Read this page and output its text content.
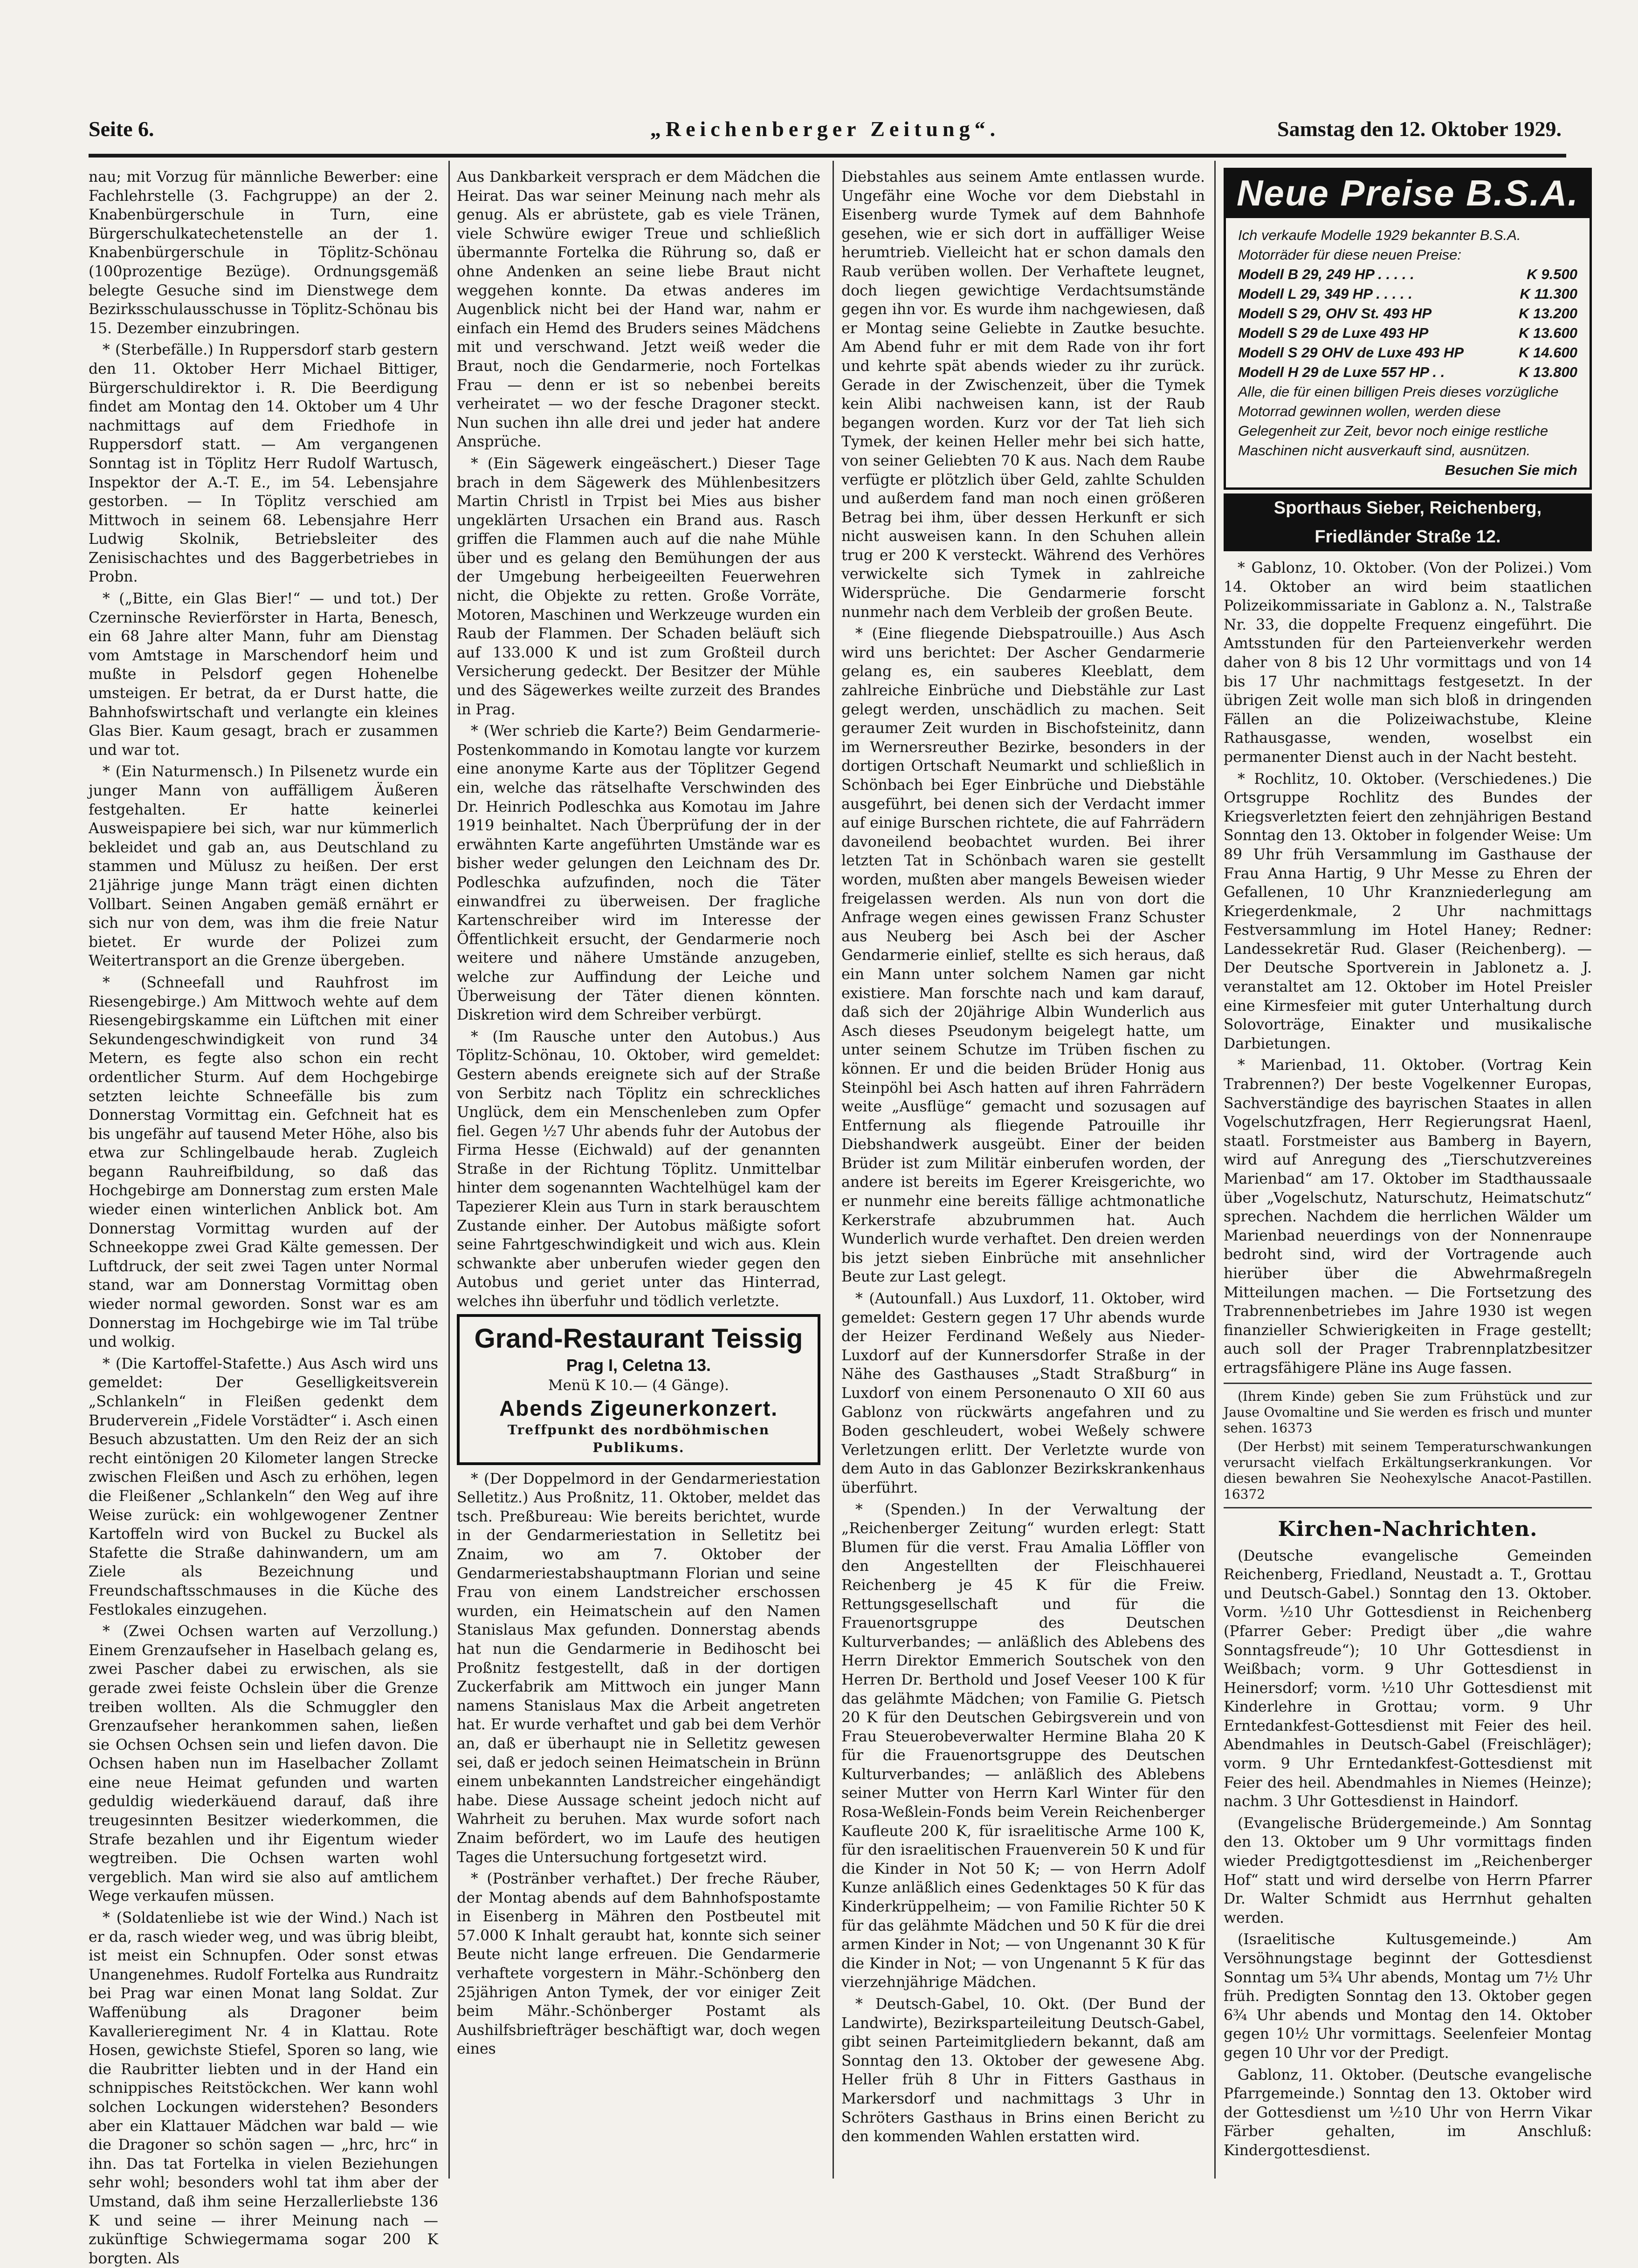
Seite 6.	„Reichenberger Zeitung“.	Samstag den 12. Oktober 1929.

nau; mit Vorzug für männliche Bewerber: eine Fachlehrstelle (3. Fachgruppe) an der 2. Knabenbürgerschule in Turn, eine Bürgerschulkatechetenstelle an der 1. Knabenbürgerschule in Töplitz-Schönau (100prozentige Bezüge). Ordnungsgemäß belegte Gesuche sind im Dienstwege dem Bezirksschulausschusse in Töplitz-Schönau bis 15. Dezember einzubringen.

* (Sterbefälle.) In Ruppersdorf starb gestern den 11. Oktober Herr Michael Bittiger, Bürgerschuldirektor i. R. Die Beerdigung findet am Montag den 14. Oktober um 4 Uhr nachmittags auf dem Friedhofe in Ruppersdorf statt. — Am vergangenen Sonntag ist in Töplitz Herr Rudolf Wartusch, Inspektor der A.-T. E., im 54. Lebensjahre gestorben. — In Töplitz verschied am Mittwoch in seinem 68. Lebensjahre Herr Ludwig Skolnik, Betriebsleiter des Zenisischachtes und des Baggerbetriebes in Probn.

* („Bitte, ein Glas Bier!“ — und tot.) Der Czerninsche Revierförster in Harta, Benesch, ein 68 Jahre alter Mann, fuhr am Dienstag vom Amtstage in Marschendorf heim und mußte in Pelsdorf gegen Hohenelbe umsteigen. Er betrat, da er Durst hatte, die Bahnhofswirtschaft und verlangte ein kleines Glas Bier. Kaum gesagt, brach er zusammen und war tot.

* (Ein Naturmensch.) In Pilsenetz wurde ein junger Mann von auffälligem Äußeren festgehalten. Er hatte keinerlei Ausweispapiere bei sich, war nur kümmerlich bekleidet und gab an, aus Deutschland zu stammen und Mülusz zu heißen. Der erst 21jährige junge Mann trägt einen dichten Vollbart. Seinen Angaben gemäß ernährt er sich nur von dem, was ihm die freie Natur bietet. Er wurde der Polizei zum Weitertransport an die Grenze übergeben.

* (Schneefall und Rauhfrost im Riesengebirge.) Am Mittwoch wehte auf dem Riesengebirgskamme ein Lüftchen mit einer Sekundengeschwindigkeit von rund 34 Metern, es fegte also schon ein recht ordentlicher Sturm. Auf dem Hochgebirge setzten leichte Schneefälle bis zum Donnerstag Vormittag ein. Gefchneit hat es bis ungefähr auf tausend Meter Höhe, also bis etwa zur Schlingelbaude herab. Zugleich begann Rauhreifbildung, so daß das Hochgebirge am Donnerstag zum ersten Male wieder einen winterlichen Anblick bot. Am Donnerstag Vormittag wurden auf der Schneekoppe zwei Grad Kälte gemessen. Der Luftdruck, der seit zwei Tagen unter Normal stand, war am Donnerstag Vormittag oben wieder normal geworden. Sonst war es am Donnerstag im Hochgebirge wie im Tal trübe und wolkig.

* (Die Kartoffel-Stafette.) Aus Asch wird uns gemeldet: Der Geselligkeitsverein „Schlankeln“ in Fleißen gedenkt dem Bruderverein „Fidele Vorstädter“ i. Asch einen Besuch abzustatten. Um den Reiz der an sich recht eintönigen 20 Kilometer langen Strecke zwischen Fleißen und Asch zu erhöhen, legen die Fleißener „Schlankeln“ den Weg auf ihre Weise zurück: ein wohlgewogener Zentner Kartoffeln wird von Buckel zu Buckel als Stafette die Straße dahinwandern, um am Ziele als Bezeichnung und Freundschaftsschmauses in die Küche des Festlokales einzugehen.

* (Zwei Ochsen warten auf Verzollung.) Einem Grenzaufseher in Haselbach gelang es, zwei Pascher dabei zu erwischen, als sie gerade zwei feiste Ochslein über die Grenze treiben wollten. Als die Schmuggler den Grenzaufseher herankommen sahen, ließen sie Ochsen Ochsen sein und liefen davon. Die Ochsen haben nun im Haselbacher Zollamt eine neue Heimat gefunden und warten geduldig wiederkäuend darauf, daß ihre treugesinnten Besitzer wiederkommen, die Strafe bezahlen und ihr Eigentum wieder wegtreiben. Die Ochsen warten wohl vergeblich. Man wird sie also auf amtlichem Wege verkaufen müssen.

* (Soldatenliebe ist wie der Wind.) Nach ist er da, rasch wieder weg, und was übrig bleibt, ist meist ein Schnupfen. Oder sonst etwas Unangenehmes. Rudolf Fortelka aus Rundraitz bei Prag war einen Monat lang Soldat. Zur Waffenübung als Dragoner beim Kavallerieregiment Nr. 4 in Klattau. Rote Hosen, gewichste Stiefel, Sporen so lang, wie die Raubritter liebten und in der Hand ein schnippisches Reitstöckchen. Wer kann wohl solchen Lockungen widerstehen? Besonders aber ein Klattauer Mädchen war bald — wie die Dragoner so schön sagen — „hrc, hrc“ in ihn. Das tat Fortelka in vielen Beziehungen sehr wohl; besonders wohl tat ihm aber der Umstand, daß ihm seine Herzallerliebste 136 K und seine — ihrer Meinung nach — zukünftige Schwiegermama sogar 200 K borgten. Als

Aus Dankbarkeit versprach er dem Mädchen die Heirat. Das war seiner Meinung nach mehr als genug. Als er abrüstete, gab es viele Tränen, viele Schwüre ewiger Treue und schließlich übermannte Fortelka die Rührung so, daß er ohne Andenken an seine liebe Braut nicht weggehen konnte. Da etwas anderes im Augenblick nicht bei der Hand war, nahm er einfach ein Hemd des Bruders seines Mädchens mit und verschwand. Jetzt weiß weder die Braut, noch die Gendarmerie, noch Fortelkas Frau — denn er ist so nebenbei bereits verheiratet — wo der fesche Dragoner steckt. Nun suchen ihn alle drei und jeder hat andere Ansprüche.

* (Ein Sägewerk eingeäschert.) Dieser Tage brach in dem Sägewerk des Mühlenbesitzers Martin Christl in Trpist bei Mies aus bisher ungeklärten Ursachen ein Brand aus. Rasch griffen die Flammen auch auf die nahe Mühle über und es gelang den Bemühungen der aus der Umgebung herbeigeeilten Feuerwehren nicht, die Objekte zu retten. Große Vorräte, Motoren, Maschinen und Werkzeuge wurden ein Raub der Flammen. Der Schaden beläuft sich auf 133.000 K und ist zum Großteil durch Versicherung gedeckt. Der Besitzer der Mühle und des Sägewerkes weilte zurzeit des Brandes in Prag.

* (Wer schrieb die Karte?) Beim Gendarmerie-Postenkommando in Komotau langte vor kurzem eine anonyme Karte aus der Töplitzer Gegend ein, welche das rätselhafte Verschwinden des Dr. Heinrich Podleschka aus Komotau im Jahre 1919 beinhaltet. Nach Überprüfung der in der erwähnten Karte angeführten Umstände war es bisher weder gelungen den Leichnam des Dr. Podleschka aufzufinden, noch die Täter einwandfrei zu überweisen. Der fragliche Kartenschreiber wird im Interesse der Öffentlichkeit ersucht, der Gendarmerie noch weitere und nähere Umstände anzugeben, welche zur Auffindung der Leiche und Überweisung der Täter dienen könnten. Diskretion wird dem Schreiber verbürgt.

* (Im Rausche unter den Autobus.) Aus Töplitz-Schönau, 10. Oktober, wird gemeldet: Gestern abends ereignete sich auf der Straße von Serbitz nach Töplitz ein schreckliches Unglück, dem ein Menschenleben zum Opfer fiel. Gegen ½7 Uhr abends fuhr der Autobus der Firma Hesse (Eichwald) auf der genannten Straße in der Richtung Töplitz. Unmittelbar hinter dem sogenannten Wachtelhügel kam der Tapezierer Klein aus Turn in stark berauschtem Zustande einher. Der Autobus mäßigte sofort seine Fahrtgeschwindigkeit und wich aus. Klein schwankte aber unberufen wieder gegen den Autobus und geriet unter das Hinterrad, welches ihn überfuhr und tödlich verletzte.

Grand-Restaurant Teissig
Prag I, Celetna 13.
Menü K 10.— (4 Gänge).
Abends Zigeunerkonzert.
Treffpunkt des nordböhmischen Publikums.

* (Der Doppelmord in der Gendarmeriestation Selletitz.) Aus Proßnitz, 11. Oktober, meldet das tsch. Preßbureau: Wie bereits berichtet, wurde in der Gendarmeriestation in Selletitz bei Znaim, wo am 7. Oktober der Gendarmeriestabshauptmann Florian und seine Frau von einem Landstreicher erschossen wurden, ein Heimatschein auf den Namen Stanislaus Max gefunden. Donnerstag abends hat nun die Gendarmerie in Bedihoscht bei Proßnitz festgestellt, daß in der dortigen Zuckerfabrik am Mittwoch ein junger Mann namens Stanislaus Max die Arbeit angetreten hat. Er wurde verhaftet und gab bei dem Verhör an, daß er überhaupt nie in Selletitz gewesen sei, daß er jedoch seinen Heimatschein in Brünn einem unbekannten Landstreicher eingehändigt habe. Diese Aussage scheint jedoch nicht auf Wahrheit zu beruhen. Max wurde sofort nach Znaim befördert, wo im Laufe des heutigen Tages die Untersuchung fortgesetzt wird.

* (Postränber verhaftet.) Der freche Räuber, der Montag abends auf dem Bahnhofspostamte in Eisenberg in Mähren den Postbeutel mit 57.000 K Inhalt geraubt hat, konnte sich seiner Beute nicht lange erfreuen. Die Gendarmerie verhaftete vorgestern in Mähr.-Schönberg den 25jährigen Anton Tymek, der vor einiger Zeit beim Mähr.-Schönberger Postamt als Aushilfsbriefträger beschäftigt war, doch wegen eines

Diebstahles aus seinem Amte entlassen wurde. Ungefähr eine Woche vor dem Diebstahl in Eisenberg wurde Tymek auf dem Bahnhofe gesehen, wie er sich dort in auffälliger Weise herumtrieb. Vielleicht hat er schon damals den Raub verüben wollen. Der Verhaftete leugnet, doch liegen gewichtige Verdachtsumstände gegen ihn vor. Es wurde ihm nachgewiesen, daß er Montag seine Geliebte in Zautke besuchte. Am Abend fuhr er mit dem Rade von ihr fort und kehrte spät abends wieder zu ihr zurück. Gerade in der Zwischenzeit, über die Tymek kein Alibi nachweisen kann, ist der Raub begangen worden. Kurz vor der Tat lieh sich Tymek, der keinen Heller mehr bei sich hatte, von seiner Geliebten 70 K aus. Nach dem Raube verfügte er plötzlich über Geld, zahlte Schulden und außerdem fand man noch einen größeren Betrag bei ihm, über dessen Herkunft er sich nicht ausweisen kann. In den Schuhen allein trug er 200 K versteckt. Während des Verhöres verwickelte sich Tymek in zahlreiche Widersprüche. Die Gendarmerie forscht nunmehr nach dem Verbleib der großen Beute.

* (Eine fliegende Diebspatrouille.) Aus Asch wird uns berichtet: Der Ascher Gendarmerie gelang es, ein sauberes Kleeblatt, dem zahlreiche Einbrüche und Diebstähle zur Last gelegt werden, unschädlich zu machen. Seit geraumer Zeit wurden in Bischofsteinitz, dann im Wernersreuther Bezirke, besonders in der dortigen Ortschaft Neumarkt und schließlich in Schönbach bei Eger Einbrüche und Diebstähle ausgeführt, bei denen sich der Verdacht immer auf einige Burschen richtete, die auf Fahrrädern davoneilend beobachtet wurden. Bei ihrer letzten Tat in Schönbach waren sie gestellt worden, mußten aber mangels Beweisen wieder freigelassen werden. Als nun von dort die Anfrage wegen eines gewissen Franz Schuster aus Neuberg bei Asch bei der Ascher Gendarmerie einlief, stellte es sich heraus, daß ein Mann unter solchem Namen gar nicht existiere. Man forschte nach und kam darauf, daß sich der 20jährige Albin Wunderlich aus Asch dieses Pseudonym beigelegt hatte, um unter seinem Schutze im Trüben fischen zu können. Er und die beiden Brüder Honig aus Steinpöhl bei Asch hatten auf ihren Fahrrädern weite „Ausflüge“ gemacht und sozusagen auf Entfernung als fliegende Patrouille ihr Diebshandwerk ausgeübt. Einer der beiden Brüder ist zum Militär einberufen worden, der andere ist bereits im Egerer Kreisgerichte, wo er nunmehr eine bereits fällige achtmonatliche Kerkerstrafe abzubrummen hat. Auch Wunderlich wurde verhaftet. Den dreien werden bis jetzt sieben Einbrüche mit ansehnlicher Beute zur Last gelegt.

* (Autounfall.) Aus Luxdorf, 11. Oktober, wird gemeldet: Gestern gegen 17 Uhr abends wurde der Heizer Ferdinand Weßely aus Nieder-Luxdorf auf der Kunnersdorfer Straße in der Nähe des Gasthauses „Stadt Straßburg“ in Luxdorf von einem Personenauto O XII 60 aus Gablonz von rückwärts angefahren und zu Boden geschleudert, wobei Weßely schwere Verletzungen erlitt. Der Verletzte wurde von dem Auto in das Gablonzer Bezirkskrankenhaus überführt.

* (Spenden.) In der Verwaltung der „Reichenberger Zeitung“ wurden erlegt: Statt Blumen für die verst. Frau Amalia Löffler von den Angestellten der Fleischhauerei Reichenberg je 45 K für die Freiw. Rettungsgesellschaft und für die Frauenortsgruppe des Deutschen Kulturverbandes; — anläßlich des Ablebens des Herrn Direktor Emmerich Soutschek von den Herren Dr. Berthold und Josef Veeser 100 K für das gelähmte Mädchen; von Familie G. Pietsch 20 K für den Deutschen Gebirgsverein und von Frau Steuerobeverwalter Hermine Blaha 20 K für die Frauenortsgruppe des Deutschen Kulturverbandes; — anläßlich des Ablebens seiner Mutter von Herrn Karl Winter für den Rosa-Weßlein-Fonds beim Verein Reichenberger Kaufleute 200 K, für israelitische Arme 100 K, für den israelitischen Frauenverein 50 K und für die Kinder in Not 50 K; — von Herrn Adolf Kunze anläßlich eines Gedenktages 50 K für das Kinderkrüppelheim; — von Familie Richter 50 K für das gelähmte Mädchen und 50 K für die drei armen Kinder in Not; — von Ungenannt 30 K für die Kinder in Not; — von Ungenannt 5 K für das vierzehnjährige Mädchen.

* Deutsch-Gabel, 10. Okt. (Der Bund der Landwirte), Bezirksparteileitung Deutsch-Gabel, gibt seinen Parteimitgliedern bekannt, daß am Sonntag den 13. Oktober der gewesene Abg. Heller früh 8 Uhr in Fitters Gasthaus in Markersdorf und nachmittags 3 Uhr in Schröters Gasthaus in Brins einen Bericht zu den kommenden Wahlen erstatten wird.

Neue Preise B.S.A.
Ich verkaufe Modelle 1929 bekannter B.S.A. Motorräder für diese neuen Preise:
Modell B 29, 249 HP . . . . .	K 9.500
Modell L 29, 349 HP . . . . .	K 11.300
Modell S 29, OHV St. 493 HP	K 13.200
Modell S 29 de Luxe 493 HP	K 13.600
Modell S 29 OHV de Luxe 493 HP	K 14.600
Modell H 29 de Luxe 557 HP . .	K 13.800
Alle, die für einen billigen Preis dieses vorzügliche Motorrad gewinnen wollen, werden diese Gelegenheit zur Zeit, bevor noch einige restliche Maschinen nicht ausverkauft sind, ausnützen.
Besuchen Sie mich
Sporthaus Sieber, Reichenberg, Friedländer Straße 12.

* Gablonz, 10. Oktober. (Von der Polizei.) Vom 14. Oktober an wird beim staatlichen Polizeikommissariate in Gablonz a. N., Talstraße Nr. 33, die doppelte Frequenz eingeführt. Die Amtsstunden für den Parteienverkehr werden daher von 8 bis 12 Uhr vormittags und von 14 bis 17 Uhr nachmittags festgesetzt. In der übrigen Zeit wolle man sich bloß in dringenden Fällen an die Polizeiwachstube, Kleine Rathausgasse, wenden, woselbst ein permanenter Dienst auch in der Nacht besteht.

* Rochlitz, 10. Oktober. (Verschiedenes.) Die Ortsgruppe Rochlitz des Bundes der Kriegsverletzten feiert den zehnjährigen Bestand Sonntag den 13. Oktober in folgender Weise: Um 89 Uhr früh Versammlung im Gasthause der Frau Anna Hartig, 9 Uhr Messe zu Ehren der Gefallenen, 10 Uhr Kranzniederlegung am Kriegerdenkmale, 2 Uhr nachmittags Festversammlung im Hotel Haney; Redner: Landessekretär Rud. Glaser (Reichenberg). — Der Deutsche Sportverein in Jablonetz a. J. veranstaltet am 12. Oktober im Hotel Preisler eine Kirmesfeier mit guter Unterhaltung durch Solovorträge, Einakter und musikalische Darbietungen.

* Marienbad, 11. Oktober. (Vortrag Kein Trabrennen?) Der beste Vogelkenner Europas, Sachverständige des bayrischen Staates in allen Vogelschutzfragen, Herr Regierungsrat Haenl, staatl. Forstmeister aus Bamberg in Bayern, wird auf Anregung des „Tierschutzvereines Marienbad“ am 17. Oktober im Stadthaussaale über „Vogelschutz, Naturschutz, Heimatschutz“ sprechen. Nachdem die herrlichen Wälder um Marienbad neuerdings von der Nonnenraupe bedroht sind, wird der Vortragende auch hierüber über die Abwehrmaßregeln Mitteilungen machen. — Die Fortsetzung des Trabrennenbetriebes im Jahre 1930 ist wegen finanzieller Schwierigkeiten in Frage gestellt; auch soll der Prager Trabrennplatzbesitzer ertragsfähigere Pläne ins Auge fassen.

(Ihrem Kinde) geben Sie zum Frühstück und zur Jause Ovomaltine und Sie werden es frisch und munter sehen. 16373

(Der Herbst) mit seinem Temperaturschwankungen verursacht vielfach Erkältungserkrankungen. Vor diesen bewahren Sie Neohexylsche Anacot-Pastillen. 16372

Kirchen-Nachrichten.

(Deutsche evangelische Gemeinden Reichenberg, Friedland, Neustadt a. T., Grottau und Deutsch-Gabel.) Sonntag den 13. Oktober. Vorm. ½10 Uhr Gottesdienst in Reichenberg (Pfarrer Geber: Predigt über „die wahre Sonntagsfreude“); 10 Uhr Gottesdienst in Weißbach; vorm. 9 Uhr Gottesdienst in Heinersdorf; vorm. ½10 Uhr Gottesdienst mit Kinderlehre in Grottau; vorm. 9 Uhr Erntedankfest-Gottesdienst mit Feier des heil. Abendmahles in Deutsch-Gabel (Freischläger); vorm. 9 Uhr Erntedankfest-Gottesdienst mit Feier des heil. Abendmahles in Niemes (Heinze); nachm. 3 Uhr Gottesdienst in Haindorf.

(Evangelische Brüdergemeinde.) Am Sonntag den 13. Oktober um 9 Uhr vormittags finden wieder Predigtgottesdienst im „Reichenberger Hof“ statt und wird derselbe von Herrn Pfarrer Dr. Walter Schmidt aus Herrnhut gehalten werden.

(Israelitische Kultusgemeinde.) Am Versöhnungstage beginnt der Gottesdienst Sonntag um 5¾ Uhr abends, Montag um 7½ Uhr früh. Predigten Sonntag den 13. Oktober gegen 6¾ Uhr abends und Montag den 14. Oktober gegen 10½ Uhr vormittags. Seelenfeier Montag gegen 10 Uhr vor der Predigt.

Gablonz, 11. Oktober. (Deutsche evangelische Pfarrgemeinde.) Sonntag den 13. Oktober wird der Gottesdienst um ½10 Uhr von Herrn Vikar Färber gehalten, im Anschluß: Kindergottesdienst.
